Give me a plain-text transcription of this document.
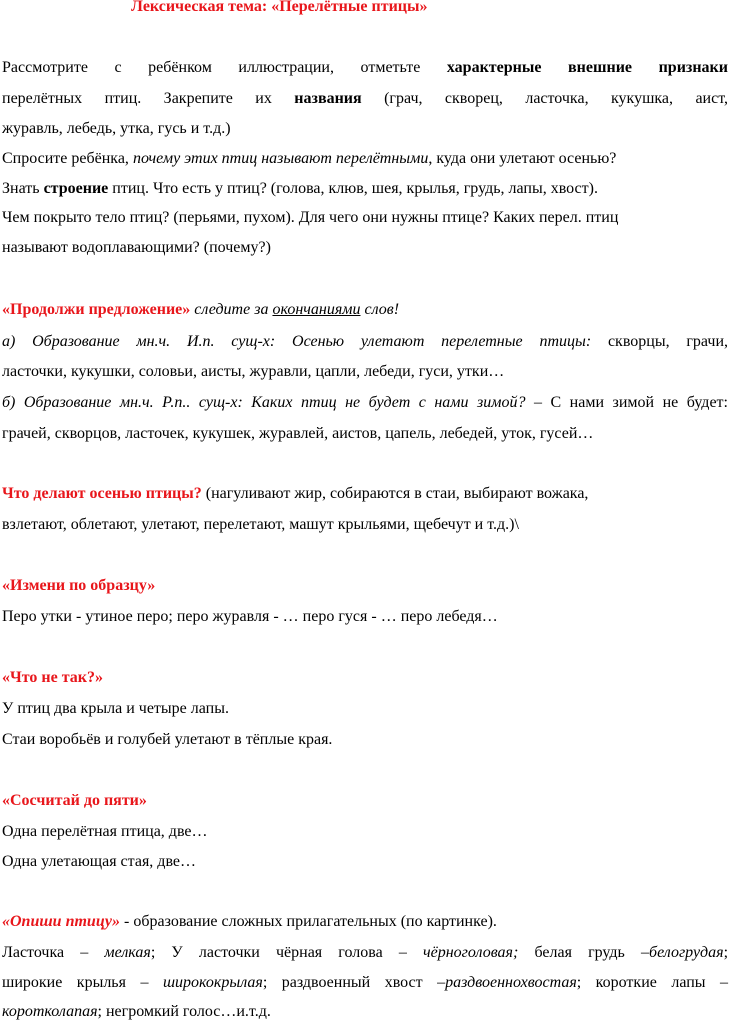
Лексическая тема: «Перелётные птицы»
Рассмотрите с ребёнком иллюстрации, отметьте характерные внешние признаки
перелётных птиц. Закрепите их названия (грач, скворец, ласточка, кукушка, аист,
журавль, лебедь, утка, гусь и т.д.)
Спросите ребёнка, почему этих птиц называют перелётными, куда они улетают осенью?
Знать строение птиц. Что есть у птиц? (голова, клюв, шея, крылья, грудь, лапы, хвост).
Чем покрыто тело птиц? (перьями, пухом). Для чего они нужны птице? Каких перел. птиц
называют водоплавающими? (почему?)
«Продолжи предложение» следите за окончаниями слов!
а) Образование мн.ч. И.п. сущ-х: Осенью улетают перелетные птицы: скворцы, грачи,
ласточки, кукушки, соловьи, аисты, журавли, цапли, лебеди, гуси, утки…
б) Образование мн.ч. Р.п.. сущ-х: Каких птиц не будет с нами зимой? – С нами зимой не будет:
грачей, скворцов, ласточек, кукушек, журавлей, аистов, цапель, лебедей, уток, гусей…
Что делают осенью птицы? (нагуливают жир, собираются в стаи, выбирают вожака,
взлетают, облетают, улетают, перелетают, машут крыльями, щебечут и т.д.)\
«Измени по образцу»
Перо утки - утиное перо; перо журавля - … перо гуся - … перо лебедя…
«Что не так?»
У птиц два крыла и четыре лапы.
Стаи воробьёв и голубей улетают в тёплые края.
«Сосчитай до пяти»
Одна перелётная птица, две…
Одна улетающая стая, две…
«Опиши птицу» - образование сложных прилагательных (по картинке).
Ласточка – мелкая; У ласточки чёрная голова – чёрноголовая; белая грудь –белогрудая;
широкие крылья – ширококрылая; раздвоенный хвост –раздвоеннохвостая; короткие лапы –
коротколапая; негромкий голос…и.т.д.
